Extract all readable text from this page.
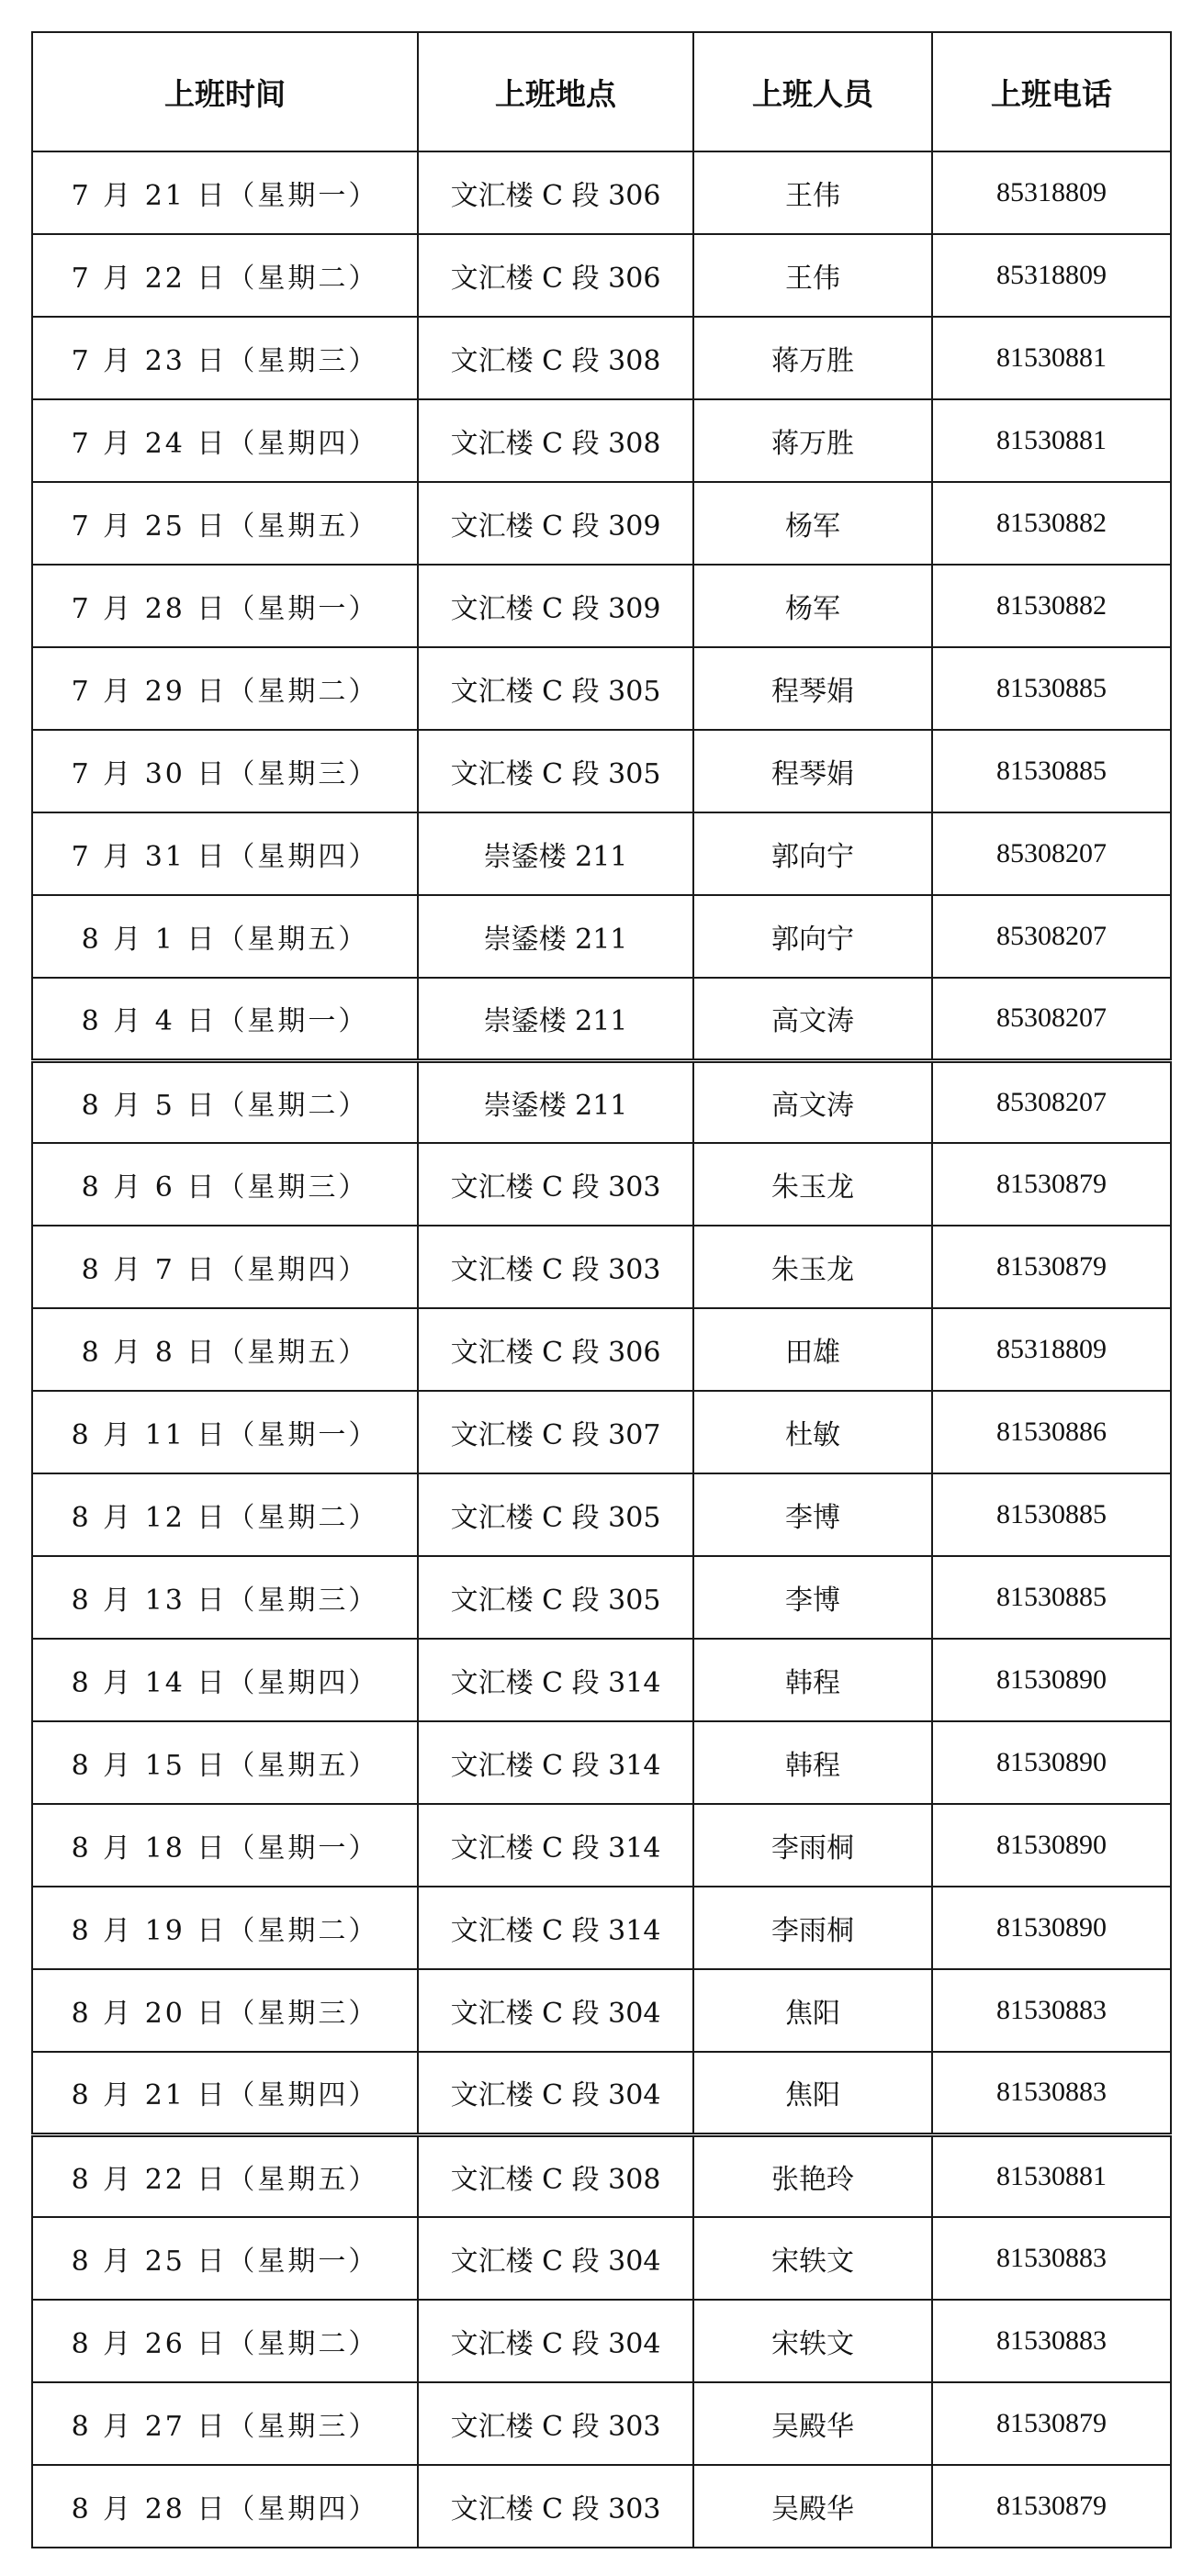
上班时间	上班地点	上班人员	上班电话
7 月 21 日（星期一）	文汇楼 C 段 306	王伟	85318809
7 月 22 日（星期二）	文汇楼 C 段 306	王伟	85318809
7 月 23 日（星期三）	文汇楼 C 段 308	蒋万胜	81530881
7 月 24 日（星期四）	文汇楼 C 段 308	蒋万胜	81530881
7 月 25 日（星期五）	文汇楼 C 段 309	杨军	81530882
7 月 28 日（星期一）	文汇楼 C 段 309	杨军	81530882
7 月 29 日（星期二）	文汇楼 C 段 305	程琴娟	81530885
7 月 30 日（星期三）	文汇楼 C 段 305	程琴娟	81530885
7 月 31 日（星期四）	崇鋈楼 211	郭向宁	85308207
8 月 1 日（星期五）	崇鋈楼 211	郭向宁	85308207
8 月 4 日（星期一）	崇鋈楼 211	高文涛	85308207
8 月 5 日（星期二）	崇鋈楼 211	高文涛	85308207
8 月 6 日（星期三）	文汇楼 C 段 303	朱玉龙	81530879
8 月 7 日（星期四）	文汇楼 C 段 303	朱玉龙	81530879
8 月 8 日（星期五）	文汇楼 C 段 306	田雄	85318809
8 月 11 日（星期一）	文汇楼 C 段 307	杜敏	81530886
8 月 12 日（星期二）	文汇楼 C 段 305	李博	81530885
8 月 13 日（星期三）	文汇楼 C 段 305	李博	81530885
8 月 14 日（星期四）	文汇楼 C 段 314	韩程	81530890
8 月 15 日（星期五）	文汇楼 C 段 314	韩程	81530890
8 月 18 日（星期一）	文汇楼 C 段 314	李雨桐	81530890
8 月 19 日（星期二）	文汇楼 C 段 314	李雨桐	81530890
8 月 20 日（星期三）	文汇楼 C 段 304	焦阳	81530883
8 月 21 日（星期四）	文汇楼 C 段 304	焦阳	81530883
8 月 22 日（星期五）	文汇楼 C 段 308	张艳玲	81530881
8 月 25 日（星期一）	文汇楼 C 段 304	宋轶文	81530883
8 月 26 日（星期二）	文汇楼 C 段 304	宋轶文	81530883
8 月 27 日（星期三）	文汇楼 C 段 303	吴殿华	81530879
8 月 28 日（星期四）	文汇楼 C 段 303	吴殿华	81530879
